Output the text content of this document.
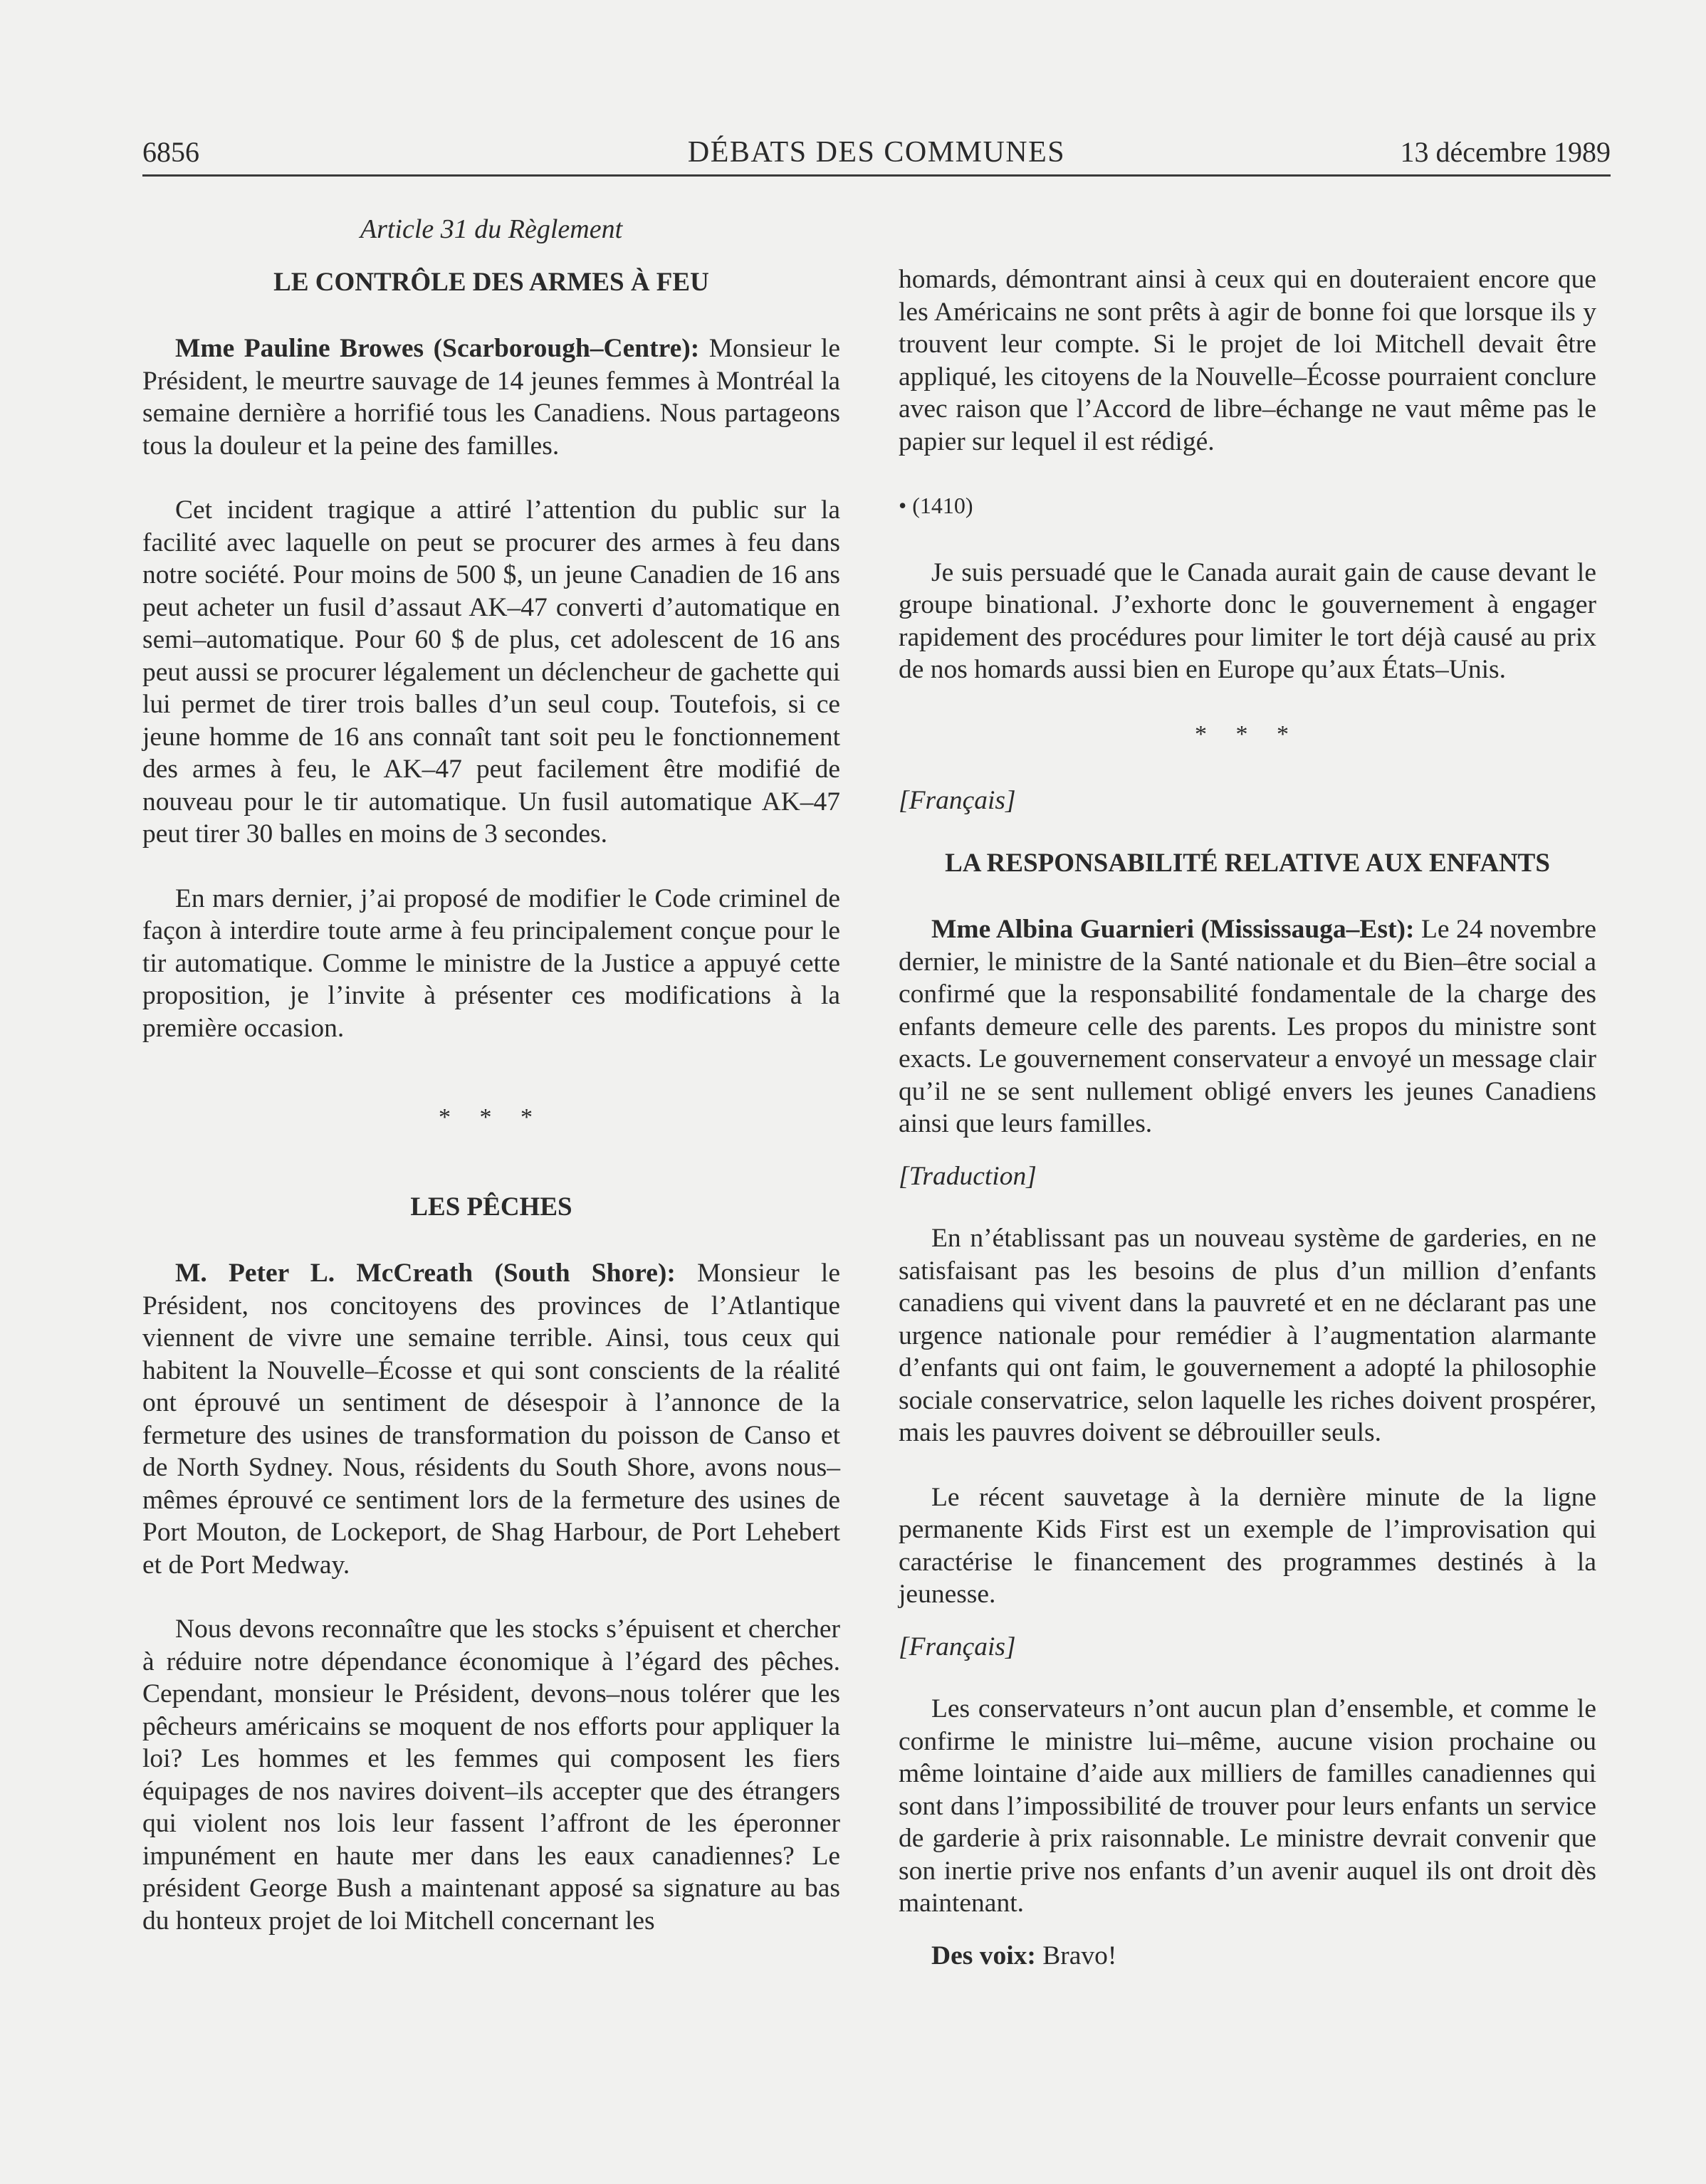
DÉBATS DES COMMUNES
6856	13 décembre 1989
Article 31 du Règlement
LE CONTRÔLE DES ARMES À FEU

Mme Pauline Browes (Scarborough–Centre): Monsieur le Président, le meurtre sauvage de 14 jeunes femmes à Montréal la semaine dernière a horrifié tous les Canadiens. Nous partageons tous la douleur et la peine des familles.

Cet incident tragique a attiré l’attention du public sur la facilité avec laquelle on peut se procurer des armes à feu dans notre société. Pour moins de 500 $, un jeune Canadien de 16 ans peut acheter un fusil d’assaut AK–47 converti d’automatique en semi–automatique. Pour 60 $ de plus, cet adolescent de 16 ans peut aussi se procurer légalement un déclencheur de gachette qui lui permet de tirer trois balles d’un seul coup. Toutefois, si ce jeune homme de 16 ans connaît tant soit peu le fonctionnement des armes à feu, le AK–47 peut facilement être modifié de nouveau pour le tir automatique. Un fusil automatique AK–47 peut tirer 30 balles en moins de 3 secondes.

En mars dernier, j’ai proposé de modifier le Code criminel de façon à interdire toute arme à feu principalement conçue pour le tir automatique. Comme le ministre de la Justice a appuyé cette proposition, je l’invite à présenter ces modifications à la première occasion.

* * *
LES PÊCHES

M. Peter L. McCreath (South Shore): Monsieur le Président, nos concitoyens des provinces de l’Atlantique viennent de vivre une semaine terrible. Ainsi, tous ceux qui habitent la Nouvelle–Écosse et qui sont conscients de la réalité ont éprouvé un sentiment de désespoir à l’annonce de la fermeture des usines de transformation du poisson de Canso et de North Sydney. Nous, résidents du South Shore, avons nous–mêmes éprouvé ce sentiment lors de la fermeture des usines de Port Mouton, de Lockeport, de Shag Harbour, de Port Lehebert et de Port Medway.

Nous devons reconnaître que les stocks s’épuisent et chercher à réduire notre dépendance économique à l’égard des pêches. Cependant, monsieur le Président, devons–nous tolérer que les pêcheurs américains se moquent de nos efforts pour appliquer la loi? Les hommes et les femmes qui composent les fiers équipages de nos navires doivent–ils accepter que des étrangers qui violent nos lois leur fassent l’affront de les éperonner impunément en haute mer dans les eaux canadiennes? Le président George Bush a maintenant apposé sa signature au bas du honteux projet de loi Mitchell concernant les

homards, démontrant ainsi à ceux qui en douteraient encore que les Américains ne sont prêts à agir de bonne foi que lorsque ils y trouvent leur compte. Si le projet de loi Mitchell devait être appliqué, les citoyens de la Nouvelle–Écosse pourraient conclure avec raison que l’Accord de libre–échange ne vaut même pas le papier sur lequel il est rédigé.

• (1410)

Je suis persuadé que le Canada aurait gain de cause devant le groupe binational. J’exhorte donc le gouvernement à engager rapidement des procédures pour limiter le tort déjà causé au prix de nos homards aussi bien en Europe qu’aux États–Unis.

* * *
[Français]
LA RESPONSABILITÉ RELATIVE AUX ENFANTS

Mme Albina Guarnieri (Mississauga–Est): Le 24 novembre dernier, le ministre de la Santé nationale et du Bien–être social a confirmé que la responsabilité fondamentale de la charge des enfants demeure celle des parents. Les propos du ministre sont exacts. Le gouvernement conservateur a envoyé un message clair qu’il ne se sent nullement obligé envers les jeunes Canadiens ainsi que leurs familles.

[Traduction]

En n’établissant pas un nouveau système de garderies, en ne satisfaisant pas les besoins de plus d’un million d’enfants canadiens qui vivent dans la pauvreté et en ne déclarant pas une urgence nationale pour remédier à l’augmentation alarmante d’enfants qui ont faim, le gouvernement a adopté la philosophie sociale conservatrice, selon laquelle les riches doivent prospérer, mais les pauvres doivent se débrouiller seuls.

Le récent sauvetage à la dernière minute de la ligne permanente Kids First est un exemple de l’improvisation qui caractérise le financement des programmes destinés à la jeunesse.

[Français]

Les conservateurs n’ont aucun plan d’ensemble, et comme le confirme le ministre lui–même, aucune vision prochaine ou même lointaine d’aide aux milliers de familles canadiennes qui sont dans l’impossibilité de trouver pour leurs enfants un service de garderie à prix raisonnable. Le ministre devrait convenir que son inertie prive nos enfants d’un avenir auquel ils ont droit dès maintenant.

Des voix: Bravo!
